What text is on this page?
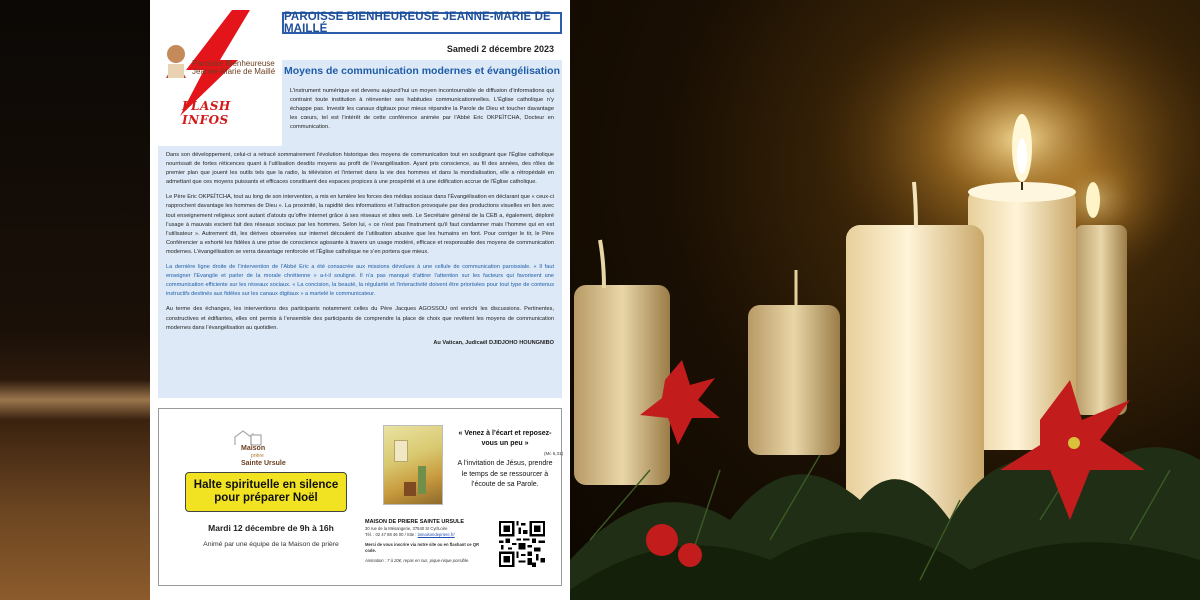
Paroisse Bienheureuse
Jeanne-Marie de Maillé
FLASH INFOS
PAROISSE BIENHEUREUSE JEANNE-MARIE DE MAILLÉ
Samedi 2 décembre 2023
Moyens de communication modernes et évangélisation
L’instrument numérique est devenu aujourd’hui un moyen incontournable de diffusion d’informations qui contraint toute institution à réinventer ses habitudes communicationnelles. L’Église catholique n’y échappe pas. Investir les canaux digitaux pour mieux répandre la Parole de Dieu et toucher davantage les cœurs, tel est l’intérêt de cette conférence animée par l’Abbé Eric OKPEÏTCHA, Docteur en communication.

Dans son développement, celui-ci a retracé sommairement l’évolution historique des moyens de communication tout en soulignant que l’Église catholique nourrissait de fortes réticences quant à l’utilisation desdits moyens au profit de l’évangélisation. Ayant pris conscience, au fil des années, des rôles de premier plan que jouent les outils tels que la radio, la télévision et l’internet dans la vie des hommes et dans la mondialisation, elle a rétropédalé en admettant que ces moyens puissants et efficaces constituent des espaces propices à une prospérité et à une édification accrue de l’Église catholique.

Le Père Eric OKPEÏTCHA, tout au long de son intervention, a mis en lumière les forces des médias sociaux dans l’Évangélisation en déclarant que « ceux-ci rapprochent davantage les hommes de Dieu ». La proximité, la rapidité des informations et l’attraction provoquée par des productions visuelles en lien avec tout enseignement religieux sont autant d’atouts qu’offre internet grâce à ses réseaux et sites web. Le Secrétaire général de la CEB a, également, déploré l’usage à mauvais escient fait des réseaux sociaux par les hommes. Selon lui, « ce n’est pas l’instrument qu’il faut condamner mais l’homme qui en est l’utilisateur ». Autrement dit, les dérives observées sur internet découlent de l’utilisation abusive que les humains en font. Pour corriger le tir, le Père Conférencier a exhorté les fidèles à une prise de conscience agissante à travers un usage modéré, efficace et responsable des moyens de communication modernes. L’évangélisation se verra davantage renforcée et l’Église catholique ne s’en portera que mieux.

La dernière ligne droite de l’intervention de l’Abbé Eric a été consacrée aux missions dévolues à une cellule de communication paroissiale. « Il faut enseigner l’Evangile et parler de la morale chrétienne » a-t-il souligné. Il n’a pas manqué d’attirer l’attention sur les facteurs qui favorisent une communication efficiente sur les réseaux sociaux. « La concision, la beauté, la régularité et l’interactivité doivent être priorisées pour tout type de contenus instructifs destinés aux fidèles sur les canaux digitaux » a martelé le communicateur.

Au terme des échanges, les interventions des participants notamment celles du Père Jacques AGOSSOU ont enrichi les discussions. Pertinentes, constructives et édifiantes, elles ont permis à l’ensemble des participants de comprendre la place de choix que revêtent les moyens de communication modernes dans l’évangélisation au quotidien.

Au Vatican, Judicaël DJIDJOHO HOUNGNIBO
Maison
prière
Sainte Ursule
Halte spirituelle en silence
pour préparer Noël
Mardi 12 décembre de 9h à 16h
Animé par une équipe de la Maison de prière
« Venez à l’écart et reposez-vous un peu »
(Mc 6,31)
A l’invitation de Jésus, prendre le temps de se ressourcer à l’écoute de sa Parole.
MAISON DE PRIERE SAINTE URSULE
30 rue de la Mésangerie, 37540 St Cyr/Loire
Tél. : 02 47 88 46 00 / Site : lamaisondepriere.fr/
Merci de vous inscrire via notre site ou en flashant ce QR code.
Animation : 7 à 20€, repas en sus, pique-nique possible.
